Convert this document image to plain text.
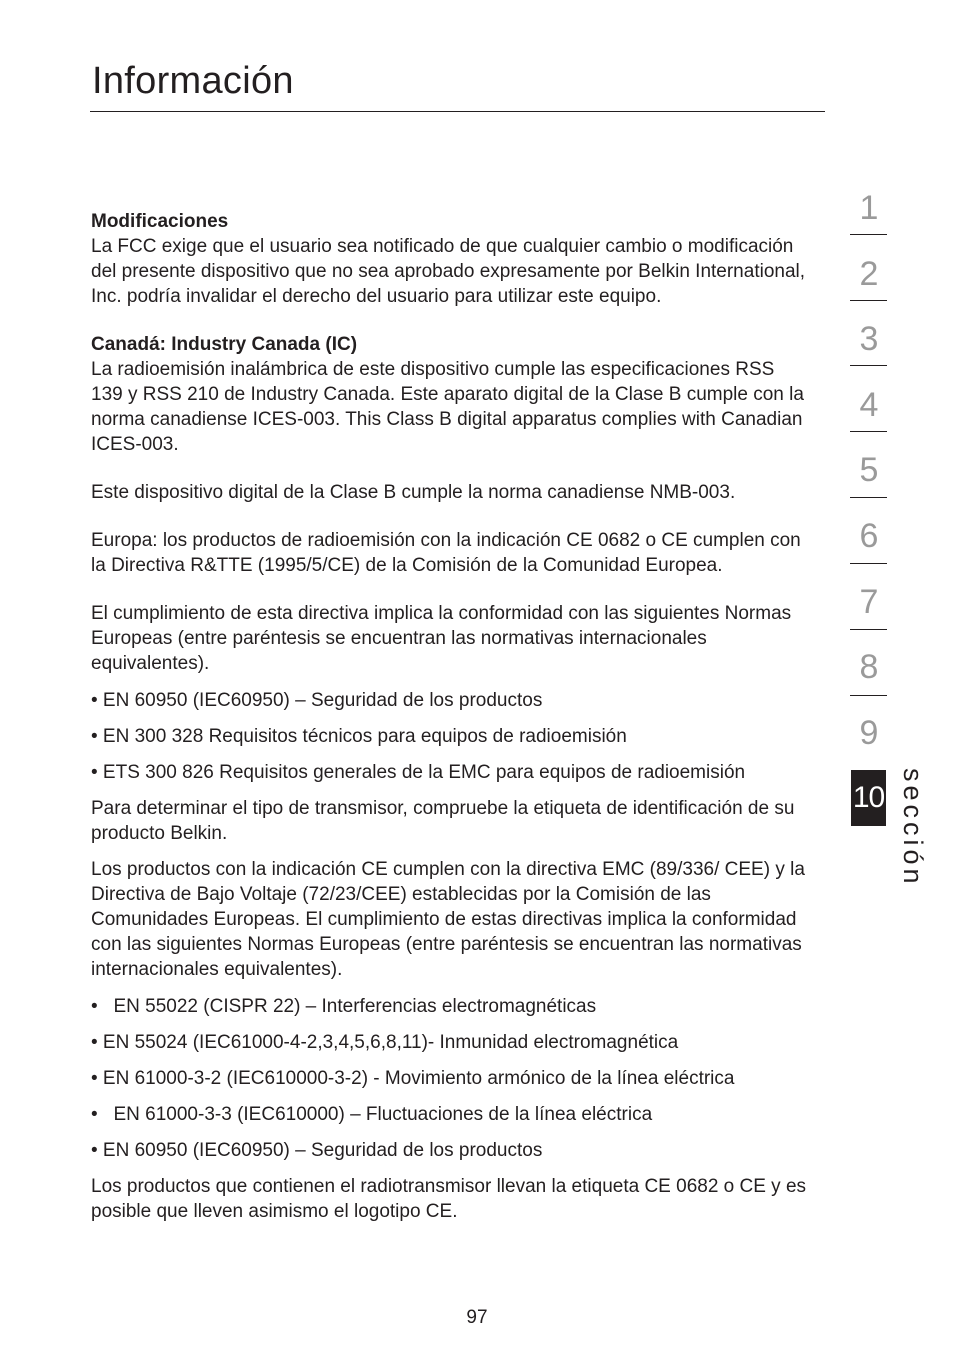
Información
Modificaciones
La FCC exige que el usuario sea notificado de que cualquier cambio o modificación del presente dispositivo que no sea aprobado expresamente por Belkin International, Inc. podría invalidar el derecho del usuario para utilizar este equipo.
Canadá: Industry Canada (IC)
La radioemisión inalámbrica de este dispositivo cumple las especificaciones RSS 139 y RSS 210 de Industry Canada. Este aparato digital de la Clase B cumple con la norma canadiense ICES-003. This Class B digital apparatus complies with Canadian ICES-003.

Este dispositivo digital de la Clase B cumple la norma canadiense NMB-003.

Europa: los productos de radioemisión con la indicación CE 0682 o CE cumplen con la Directiva R&TTE (1995/5/CE) de la Comisión de la Comunidad Europea.

El cumplimiento de esta directiva implica la conformidad con las siguientes Normas Europeas (entre paréntesis se encuentran las normativas internacionales equivalentes).

• EN 60950 (IEC60950) – Seguridad de los productos
• EN 300 328 Requisitos técnicos para equipos de radioemisión
• ETS 300 826 Requisitos generales de la EMC para equipos de radioemisión

Para determinar el tipo de transmisor, compruebe la etiqueta de identificación de su producto Belkin.

Los productos con la indicación CE cumplen con la directiva EMC (89/336/ CEE) y la Directiva de Bajo Voltaje (72/23/CEE) establecidas por la Comisión de las Comunidades Europeas. El cumplimiento de estas directivas implica la conformidad con las siguientes Normas Europeas (entre paréntesis se encuentran las normativas internacionales equivalentes).

•   EN 55022 (CISPR 22) – Interferencias electromagnéticas
• EN 55024 (IEC61000-4-2,3,4,5,6,8,11)- Inmunidad electromagnética
• EN 61000-3-2 (IEC610000-3-2) - Movimiento armónico de la línea eléctrica
•   EN 61000-3-3 (IEC610000) – Fluctuaciones de la línea eléctrica
• EN 60950 (IEC60950) – Seguridad de los productos

Los productos que contienen el radiotransmisor llevan la etiqueta CE 0682 o CE y es posible que lleven asimismo el logotipo CE.

97
1
2
3
4
5
6
7
8
9
10 sección
